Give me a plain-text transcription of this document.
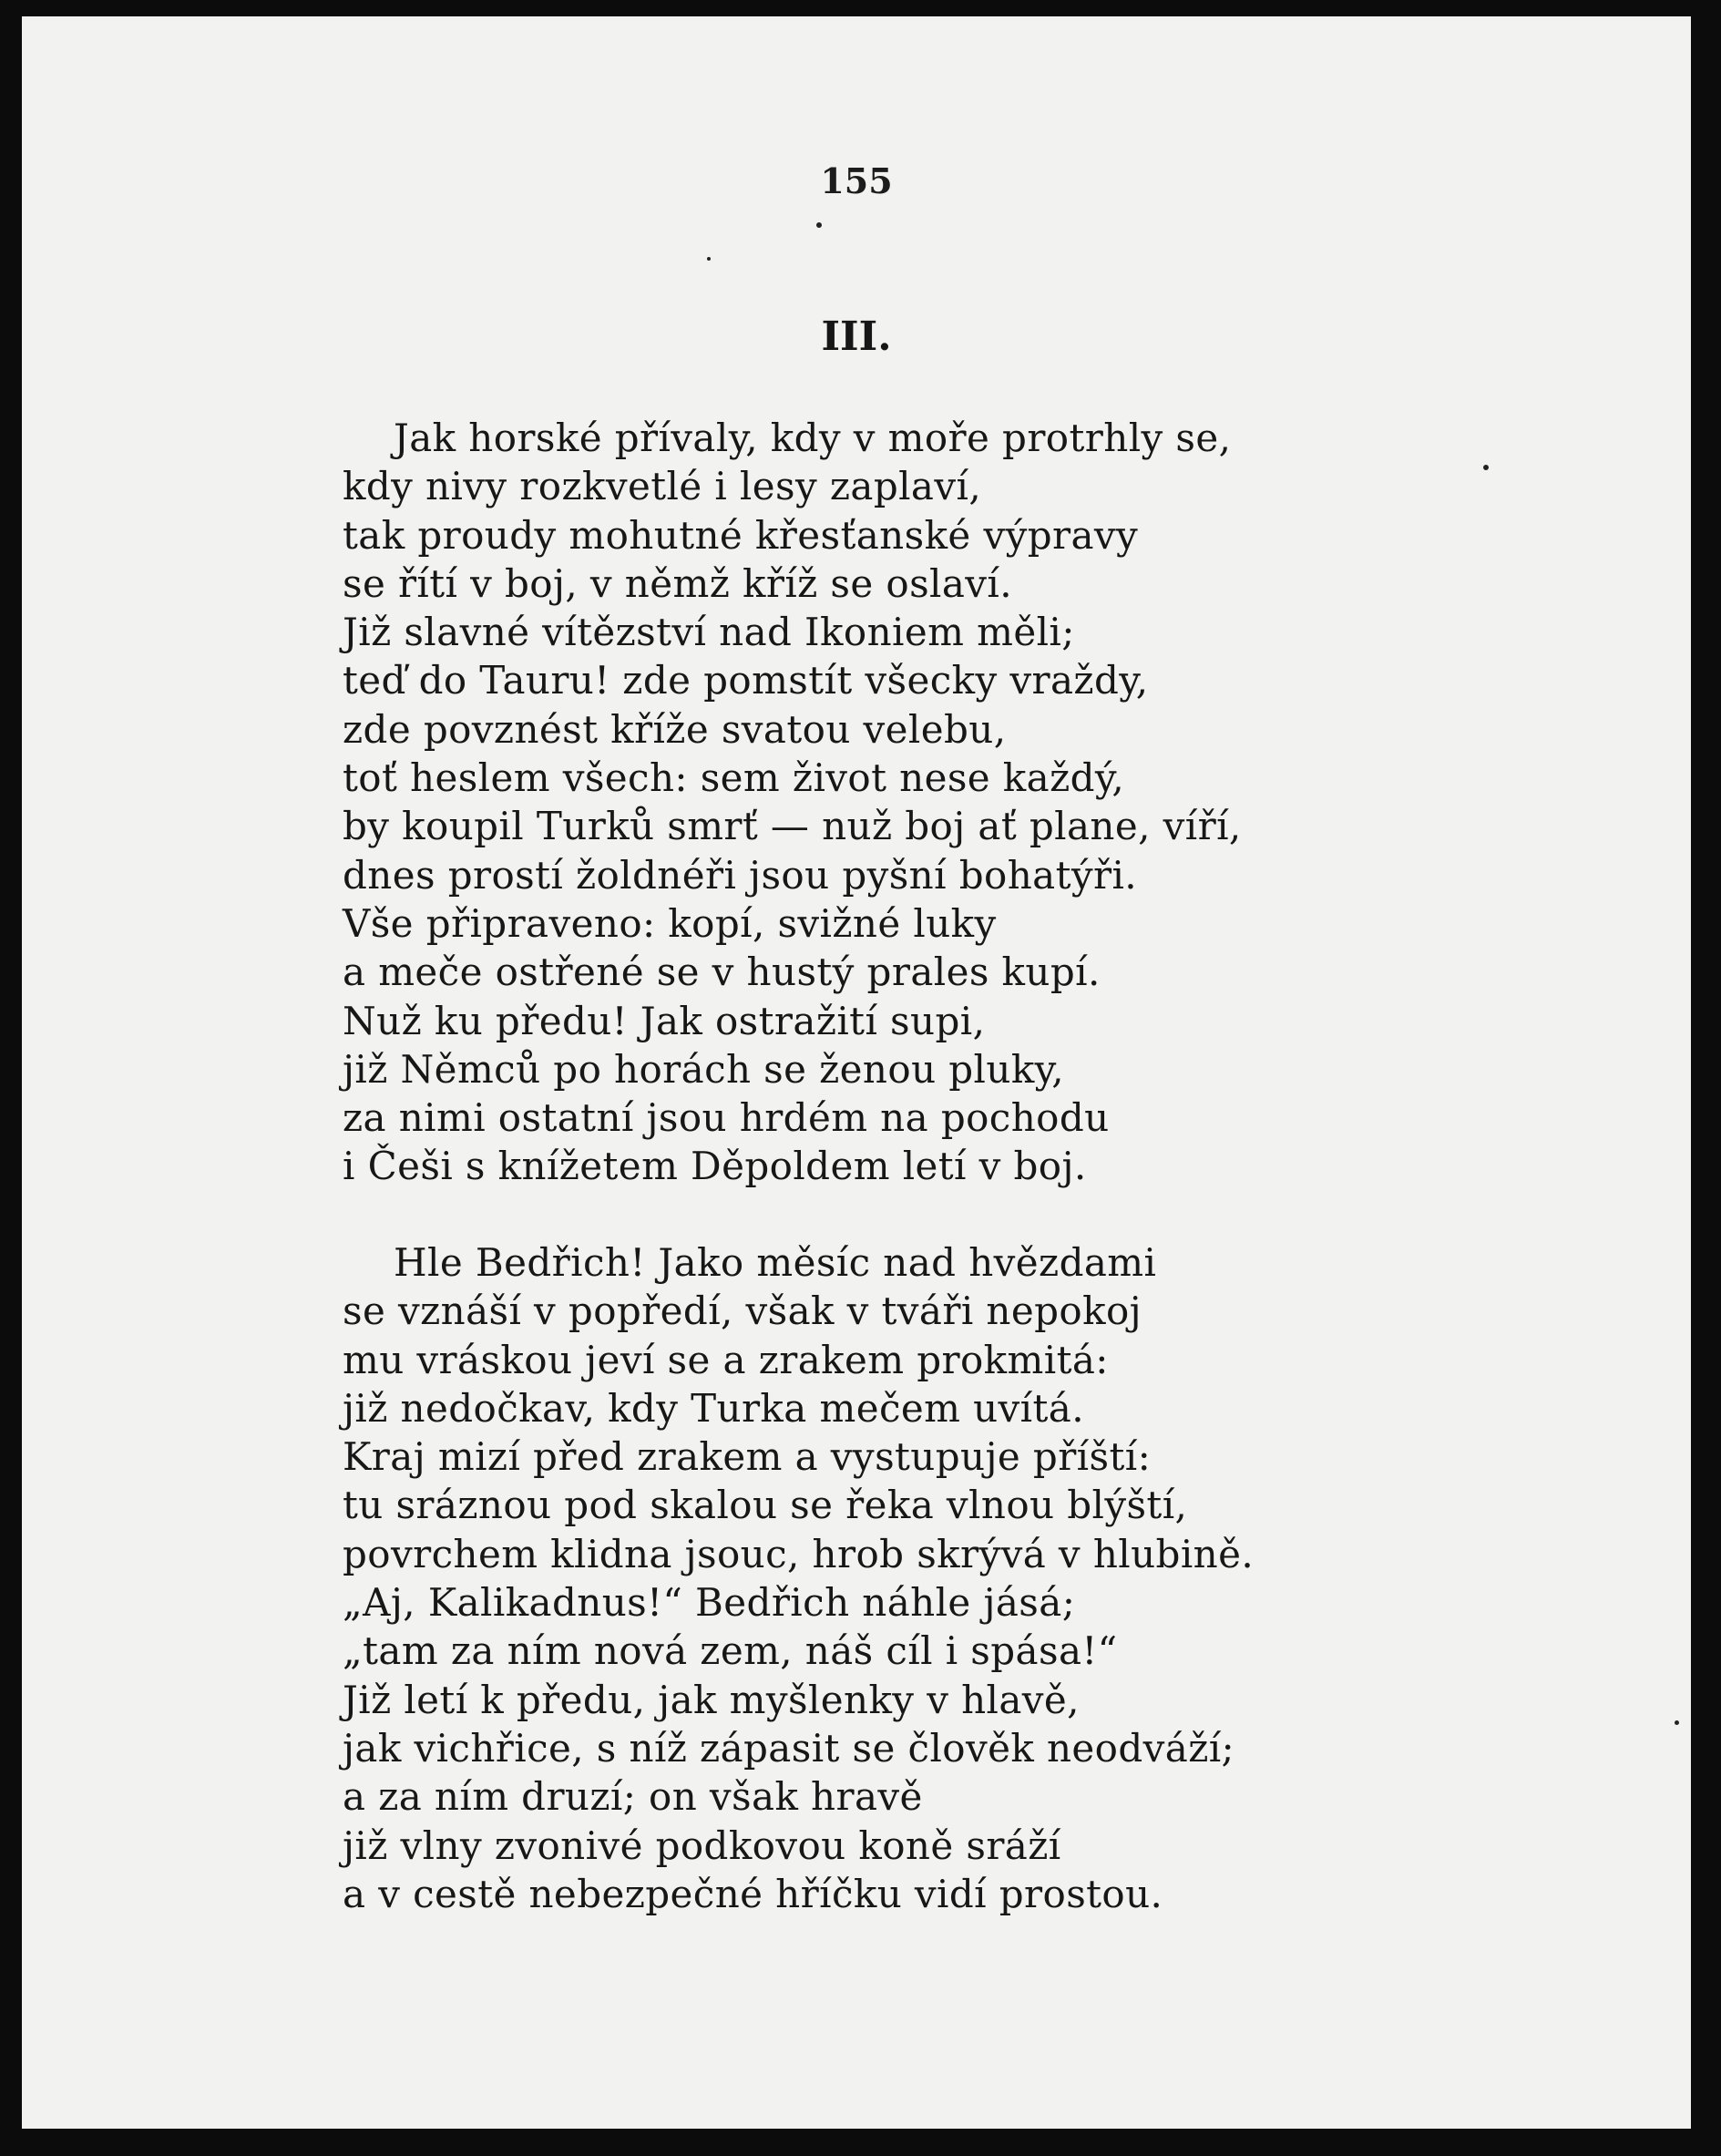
155
III.
Jak horské přívaly, kdy v moře protrhly se,
kdy nivy rozkvetlé i lesy zaplaví,
tak proudy mohutné křesťanské výpravy
se řítí v boj, v němž kříž se oslaví.
Již slavné vítězství nad Ikoniem měli;
teď do Tauru! zde pomstít všecky vraždy,
zde povznést kříže svatou velebu,
toť heslem všech: sem život nese každý,
by koupil Turků smrť — nuž boj ať plane, víří,
dnes prostí žoldnéři jsou pyšní bohatýři.
Vše připraveno: kopí, svižné luky
a meče ostřené se v hustý prales kupí.
Nuž ku předu! Jak ostražití supi,
již Němců po horách se ženou pluky,
za nimi ostatní jsou hrdém na pochodu
i Češi s knížetem Děpoldem letí v boj.
Hle Bedřich! Jako měsíc nad hvězdami
se vznáší v popředí, však v tváři nepokoj
mu vráskou jeví se a zrakem prokmitá:
již nedočkav, kdy Turka mečem uvítá.
Kraj mizí před zrakem a vystupuje příští:
tu sráznou pod skalou se řeka vlnou blýští,
povrchem klidna jsouc, hrob skrývá v hlubině.
„Aj, Kalikadnus!“ Bedřich náhle jásá;
„tam za ním nová zem, náš cíl i spása!“
Již letí k předu, jak myšlenky v hlavě,
jak vichřice, s níž zápasit se člověk neodváží;
a za ním druzí; on však hravě
již vlny zvonivé podkovou koně sráží
a v cestě nebezpečné hříčku vidí prostou.
